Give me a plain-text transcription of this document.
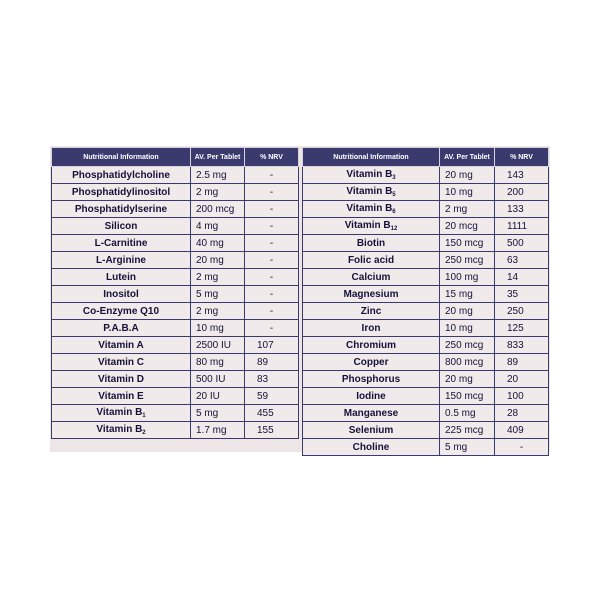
Nutritional Information	AV. Per Tablet	% NRV
Phosphatidylcholine	2.5 mg	-
Phosphatidylinositol	2 mg	-
Phosphatidylserine	200 mcg	-
Silicon	4 mg	-
L-Carnitine	40 mg	-
L-Arginine	20 mg	-
Lutein	2 mg	-
Inositol	5 mg	-
Co-Enzyme Q10	2 mg	-
P.A.B.A	10 mg	-
Vitamin A	2500 IU	107
Vitamin C	80 mg	89
Vitamin D	500 IU	83
Vitamin E	20 IU	59
Vitamin $B_1$	5 mg	455
Vitamin $B_2$	1.7 mg	155
Nutritional Information	AV. Per Tablet	% NRV
Vitamin $B_3$	20 mg	143
Vitamin $B_5$	10 mg	200
Vitamin $B_6$	2 mg	133
Vitamin $B_{12}$	20 mcg	1111
Biotin	150 mcg	500
Folic acid	250 mcg	63
Calcium	100 mg	14
Magnesium	15 mg	35
Zinc	20 mg	250
Iron	10 mg	125
Chromium	250 mcg	833
Copper	800 mcg	89
Phosphorus	20 mg	20
Iodine	150 mcg	100
Manganese	0.5 mg	28
Selenium	225 mcg	409
Choline	5 mg	-
